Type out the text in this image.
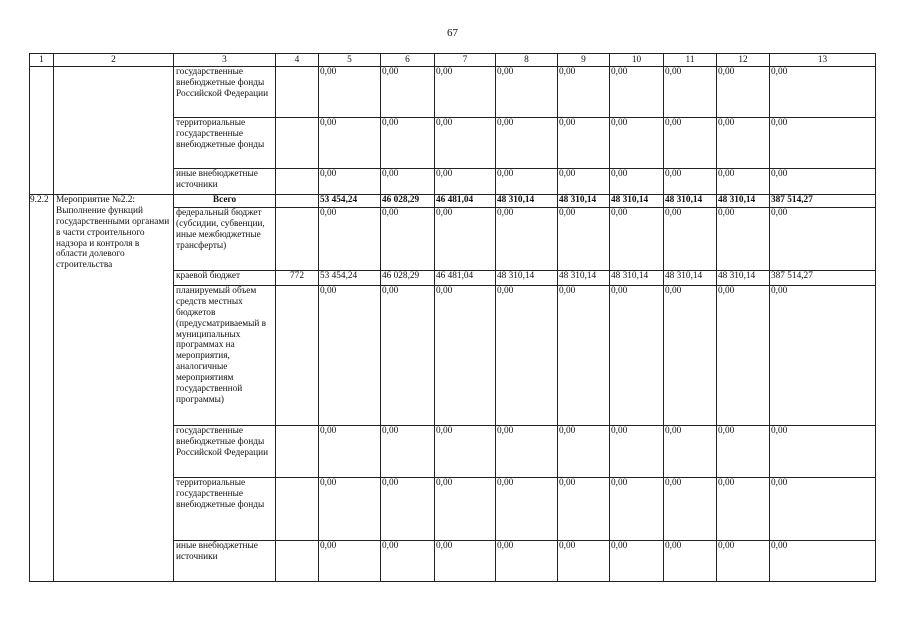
67
1	2	3	4	5	6	7	8	9	10	11	12	13
		государственные внебюджетные фонды Российской Федерации		0,00	0,00	0,00	0,00	0,00	0,00	0,00	0,00	0,00
		территориальные государственные внебюджетные фонды		0,00	0,00	0,00	0,00	0,00	0,00	0,00	0,00	0,00
		иные внебюджетные источники		0,00	0,00	0,00	0,00	0,00	0,00	0,00	0,00	0,00
9.2.2	Мероприятие №2.2: Выполнение функций государственными органами в части строительного надзора и контроля в области долевого строительства	Всего		53 454,24	46 028,29	46 481,04	48 310,14	48 310,14	48 310,14	48 310,14	48 310,14	387 514,27
		федеральный бюджет (субсидии, субвенции, иные межбюджетные трансферты)		0,00	0,00	0,00	0,00	0,00	0,00	0,00	0,00	0,00
		краевой бюджет	772	53 454,24	46 028,29	46 481,04	48 310,14	48 310,14	48 310,14	48 310,14	48 310,14	387 514,27
		планируемый объем средств местных бюджетов (предусматриваемый в муниципальных программах на мероприятия, аналогичные мероприятиям государственной программы)		0,00	0,00	0,00	0,00	0,00	0,00	0,00	0,00	0,00
		государственные внебюджетные фонды Российской Федерации		0,00	0,00	0,00	0,00	0,00	0,00	0,00	0,00	0,00
		территориальные государственные внебюджетные фонды		0,00	0,00	0,00	0,00	0,00	0,00	0,00	0,00	0,00
		иные внебюджетные источники		0,00	0,00	0,00	0,00	0,00	0,00	0,00	0,00	0,00
